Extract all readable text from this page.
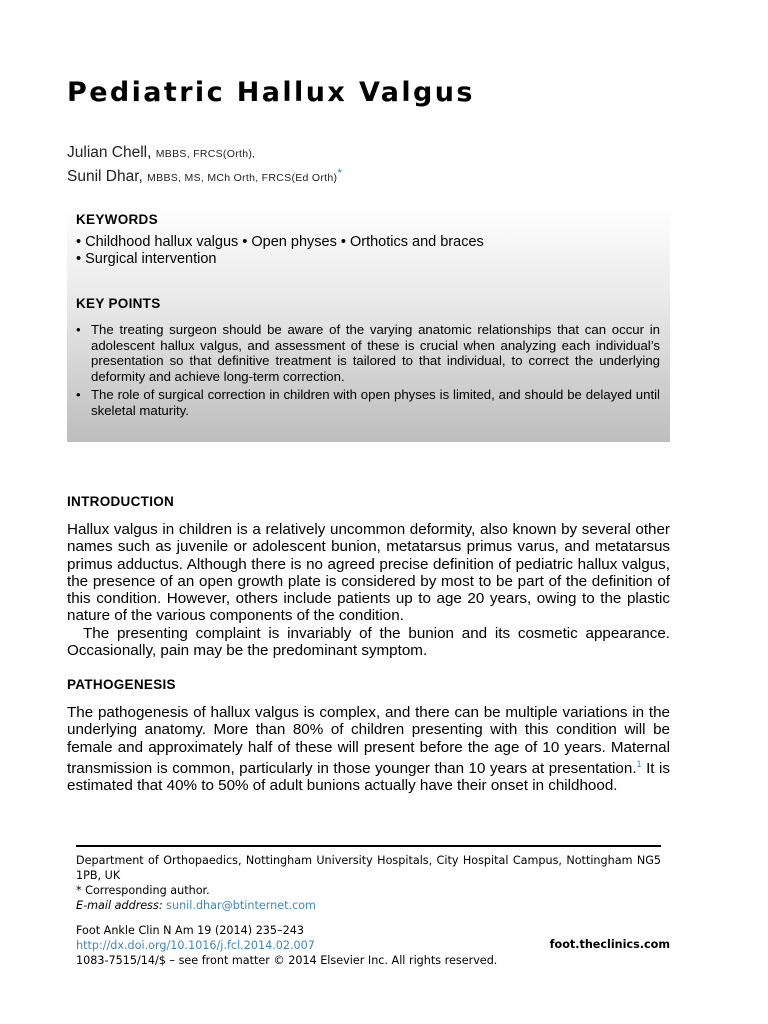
Pediatric Hallux Valgus
Julian Chell, MBBS, FRCS(Orth),
Sunil Dhar, MBBS, MS, MCh Orth, FRCS(Ed Orth)*
KEYWORDS
• Childhood hallux valgus • Open physes • Orthotics and braces
• Surgical intervention
KEY POINTS
• The treating surgeon should be aware of the varying anatomic relationships that can occur in adolescent hallux valgus, and assessment of these is crucial when analyzing each individual’s presentation so that definitive treatment is tailored to that individual, to correct the underlying deformity and achieve long-term correction.
• The role of surgical correction in children with open physes is limited, and should be delayed until skeletal maturity.
INTRODUCTION
Hallux valgus in children is a relatively uncommon deformity, also known by several other names such as juvenile or adolescent bunion, metatarsus primus varus, and metatarsus primus adductus. Although there is no agreed precise definition of pediatric hallux valgus, the presence of an open growth plate is considered by most to be part of the definition of this condition. However, others include patients up to age 20 years, owing to the plastic nature of the various components of the condition.
The presenting complaint is invariably of the bunion and its cosmetic appearance. Occasionally, pain may be the predominant symptom.
PATHOGENESIS

The pathogenesis of hallux valgus is complex, and there can be multiple variations in the underlying anatomy. More than 80% of children presenting with this condition will be female and approximately half of these will present before the age of 10 years. Maternal transmission is common, particularly in those younger than 10 years at presentation.$^1$ It is estimated that 40% to 50% of adult bunions actually have their onset in childhood.

Department of Orthopaedics, Nottingham University Hospitals, City Hospital Campus, Nottingham NG5 1PB, UK
* Corresponding author.
E-mail address: sunil.dhar@btinternet.com
Foot Ankle Clin N Am 19 (2014) 235–243
http://dx.doi.org/10.1016/j.fcl.2014.02.007
1083-7515/14/$ – see front matter © 2014 Elsevier Inc. All rights reserved.
foot.theclinics.com
